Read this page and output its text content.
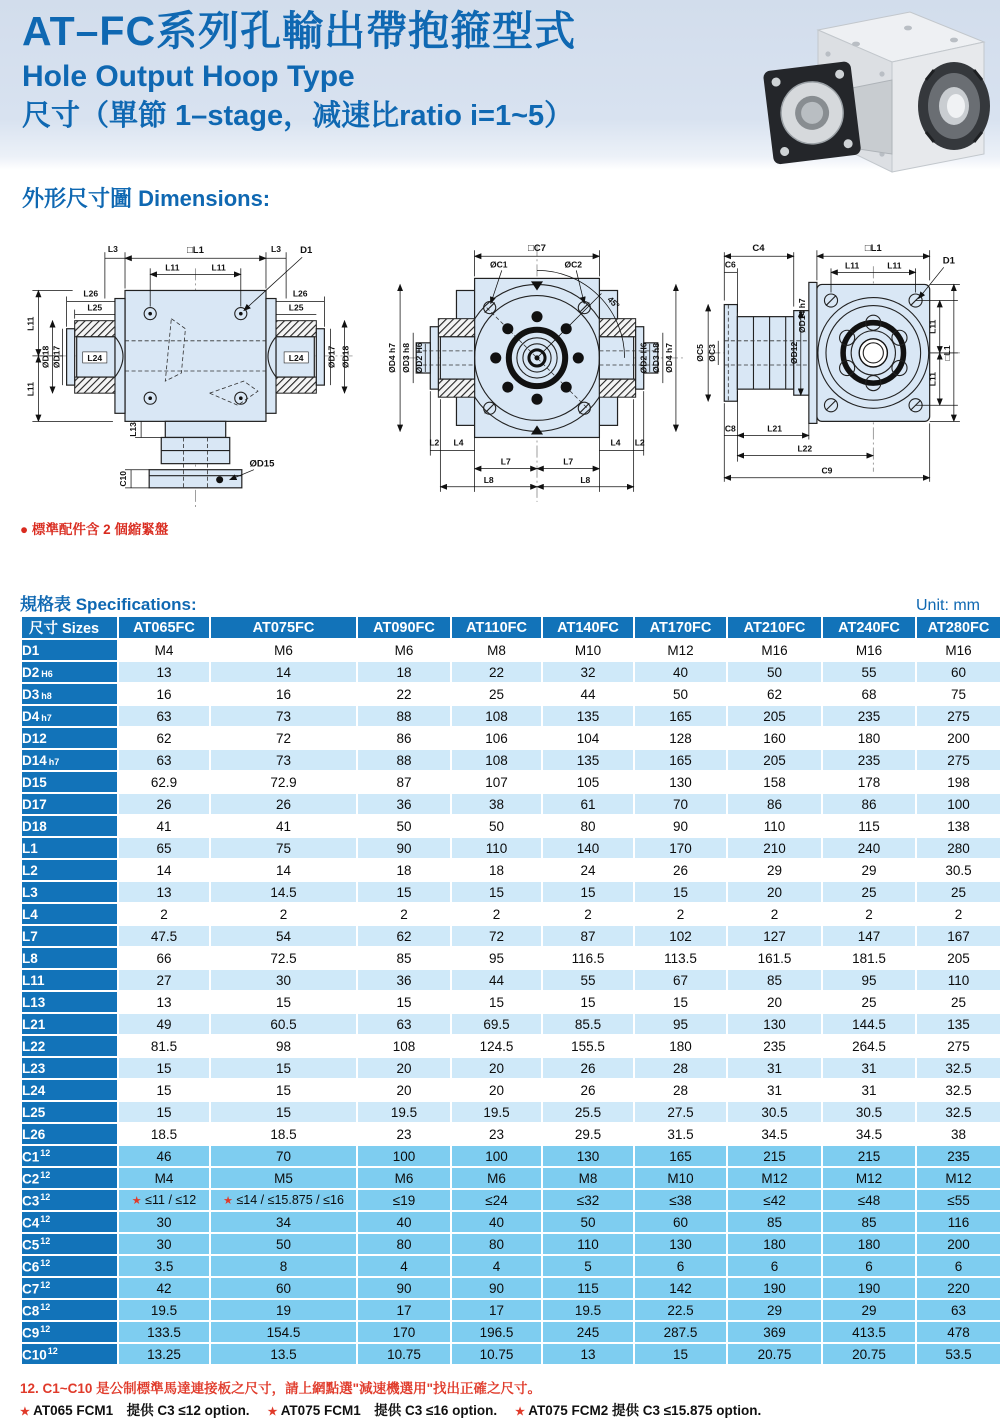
AT–FC系列孔輸出帶抱箍型式
Hole Output Hoop Type
尺寸（單節 1–stage，减速比ratio i=1~5）
外形尺寸圖 Dimensions:
L24	L24
□L1
L3	L3 D1
L11	L11
L26
L25
L26
L25
L11
L11
ØD18 ØD17	ØD17 ØD18
L13
C10
ØD15
45°
□C7
ØC1	ØC2
ØD4 h7 ØD3 h8 ØD2 H6	ØD2 H6 ØD3 h8 ØD4 h7
L2 L4	L4 L2
L7	L7
L8	L8
C4
C6
□L1
L11	L11	D1
ØD14 h7
ØC5 ØC3	ØD12
L11
L11
□L1
C8	L21
L22
C9
● 標準配件含 2 個縮緊盤
規格表 Specifications:	Unit: mm
尺寸 Sizes	AT065FC	AT075FC	AT090FC	AT110FC	AT140FC	AT170FC	AT210FC	AT240FC	AT280FC
D1	M4	M6	M6	M8	M10	M12	M16	M16	M16
D2 H6	13	14	18	22	32	40	50	55	60
D3 h8	16	16	22	25	44	50	62	68	75
D4 h7	63	73	88	108	135	165	205	235	275
D12	62	72	86	106	104	128	160	180	200
D14 h7	63	73	88	108	135	165	205	235	275
D15	62.9	72.9	87	107	105	130	158	178	198
D17	26	26	36	38	61	70	86	86	100
D18	41	41	50	50	80	90	110	115	138
L1	65	75	90	110	140	170	210	240	280
L2	14	14	18	18	24	26	29	29	30.5
L3	13	14.5	15	15	15	15	20	25	25
L4	2	2	2	2	2	2	2	2	2
L7	47.5	54	62	72	87	102	127	147	167
L8	66	72.5	85	95	116.5	113.5	161.5	181.5	205
L11	27	30	36	44	55	67	85	95	110
L13	13	15	15	15	15	15	20	25	25
L21	49	60.5	63	69.5	85.5	95	130	144.5	135
L22	81.5	98	108	124.5	155.5	180	235	264.5	275
L23	15	15	20	20	26	28	31	31	32.5
L24	15	15	20	20	26	28	31	31	32.5
L25	15	15	19.5	19.5	25.5	27.5	30.5	30.5	32.5
L26	18.5	18.5	23	23	29.5	31.5	34.5	34.5	38
$C1^{12}$	46	70	100	100	130	165	215	215	235
$C2^{12}$	M4	M5	M6	M6	M8	M10	M12	M12	M12
$C3^{12}$	★ ≤11 / ≤12	★ ≤14 / ≤15.875 / ≤16	≤19	≤24	≤32	≤38	≤42	≤48	≤55
$C4^{12}$	30	34	40	40	50	60	85	85	116
$C5^{12}$	30	50	80	80	110	130	180	180	200
$C6^{12}$	3.5	8	4	4	5	6	6	6	6
$C7^{12}$	42	60	90	90	115	142	190	190	220
$C8^{12}$	19.5	19	17	17	19.5	22.5	29	29	63
$C9^{12}$	133.5	154.5	170	196.5	245	287.5	369	413.5	478
$C10^{12}$	13.25	13.5	10.75	10.75	13	15	20.75	20.75	53.5
12. C1~C10 是公制標準馬達連接板之尺寸，請上網點選"減速機選用"找出正確之尺寸。
★ AT065 FCM1　提供 C3 ≤12 option. ★ AT075 FCM1　提供 C3 ≤16 option. ★ AT075 FCM2 提供 C3 ≤15.875 option.
